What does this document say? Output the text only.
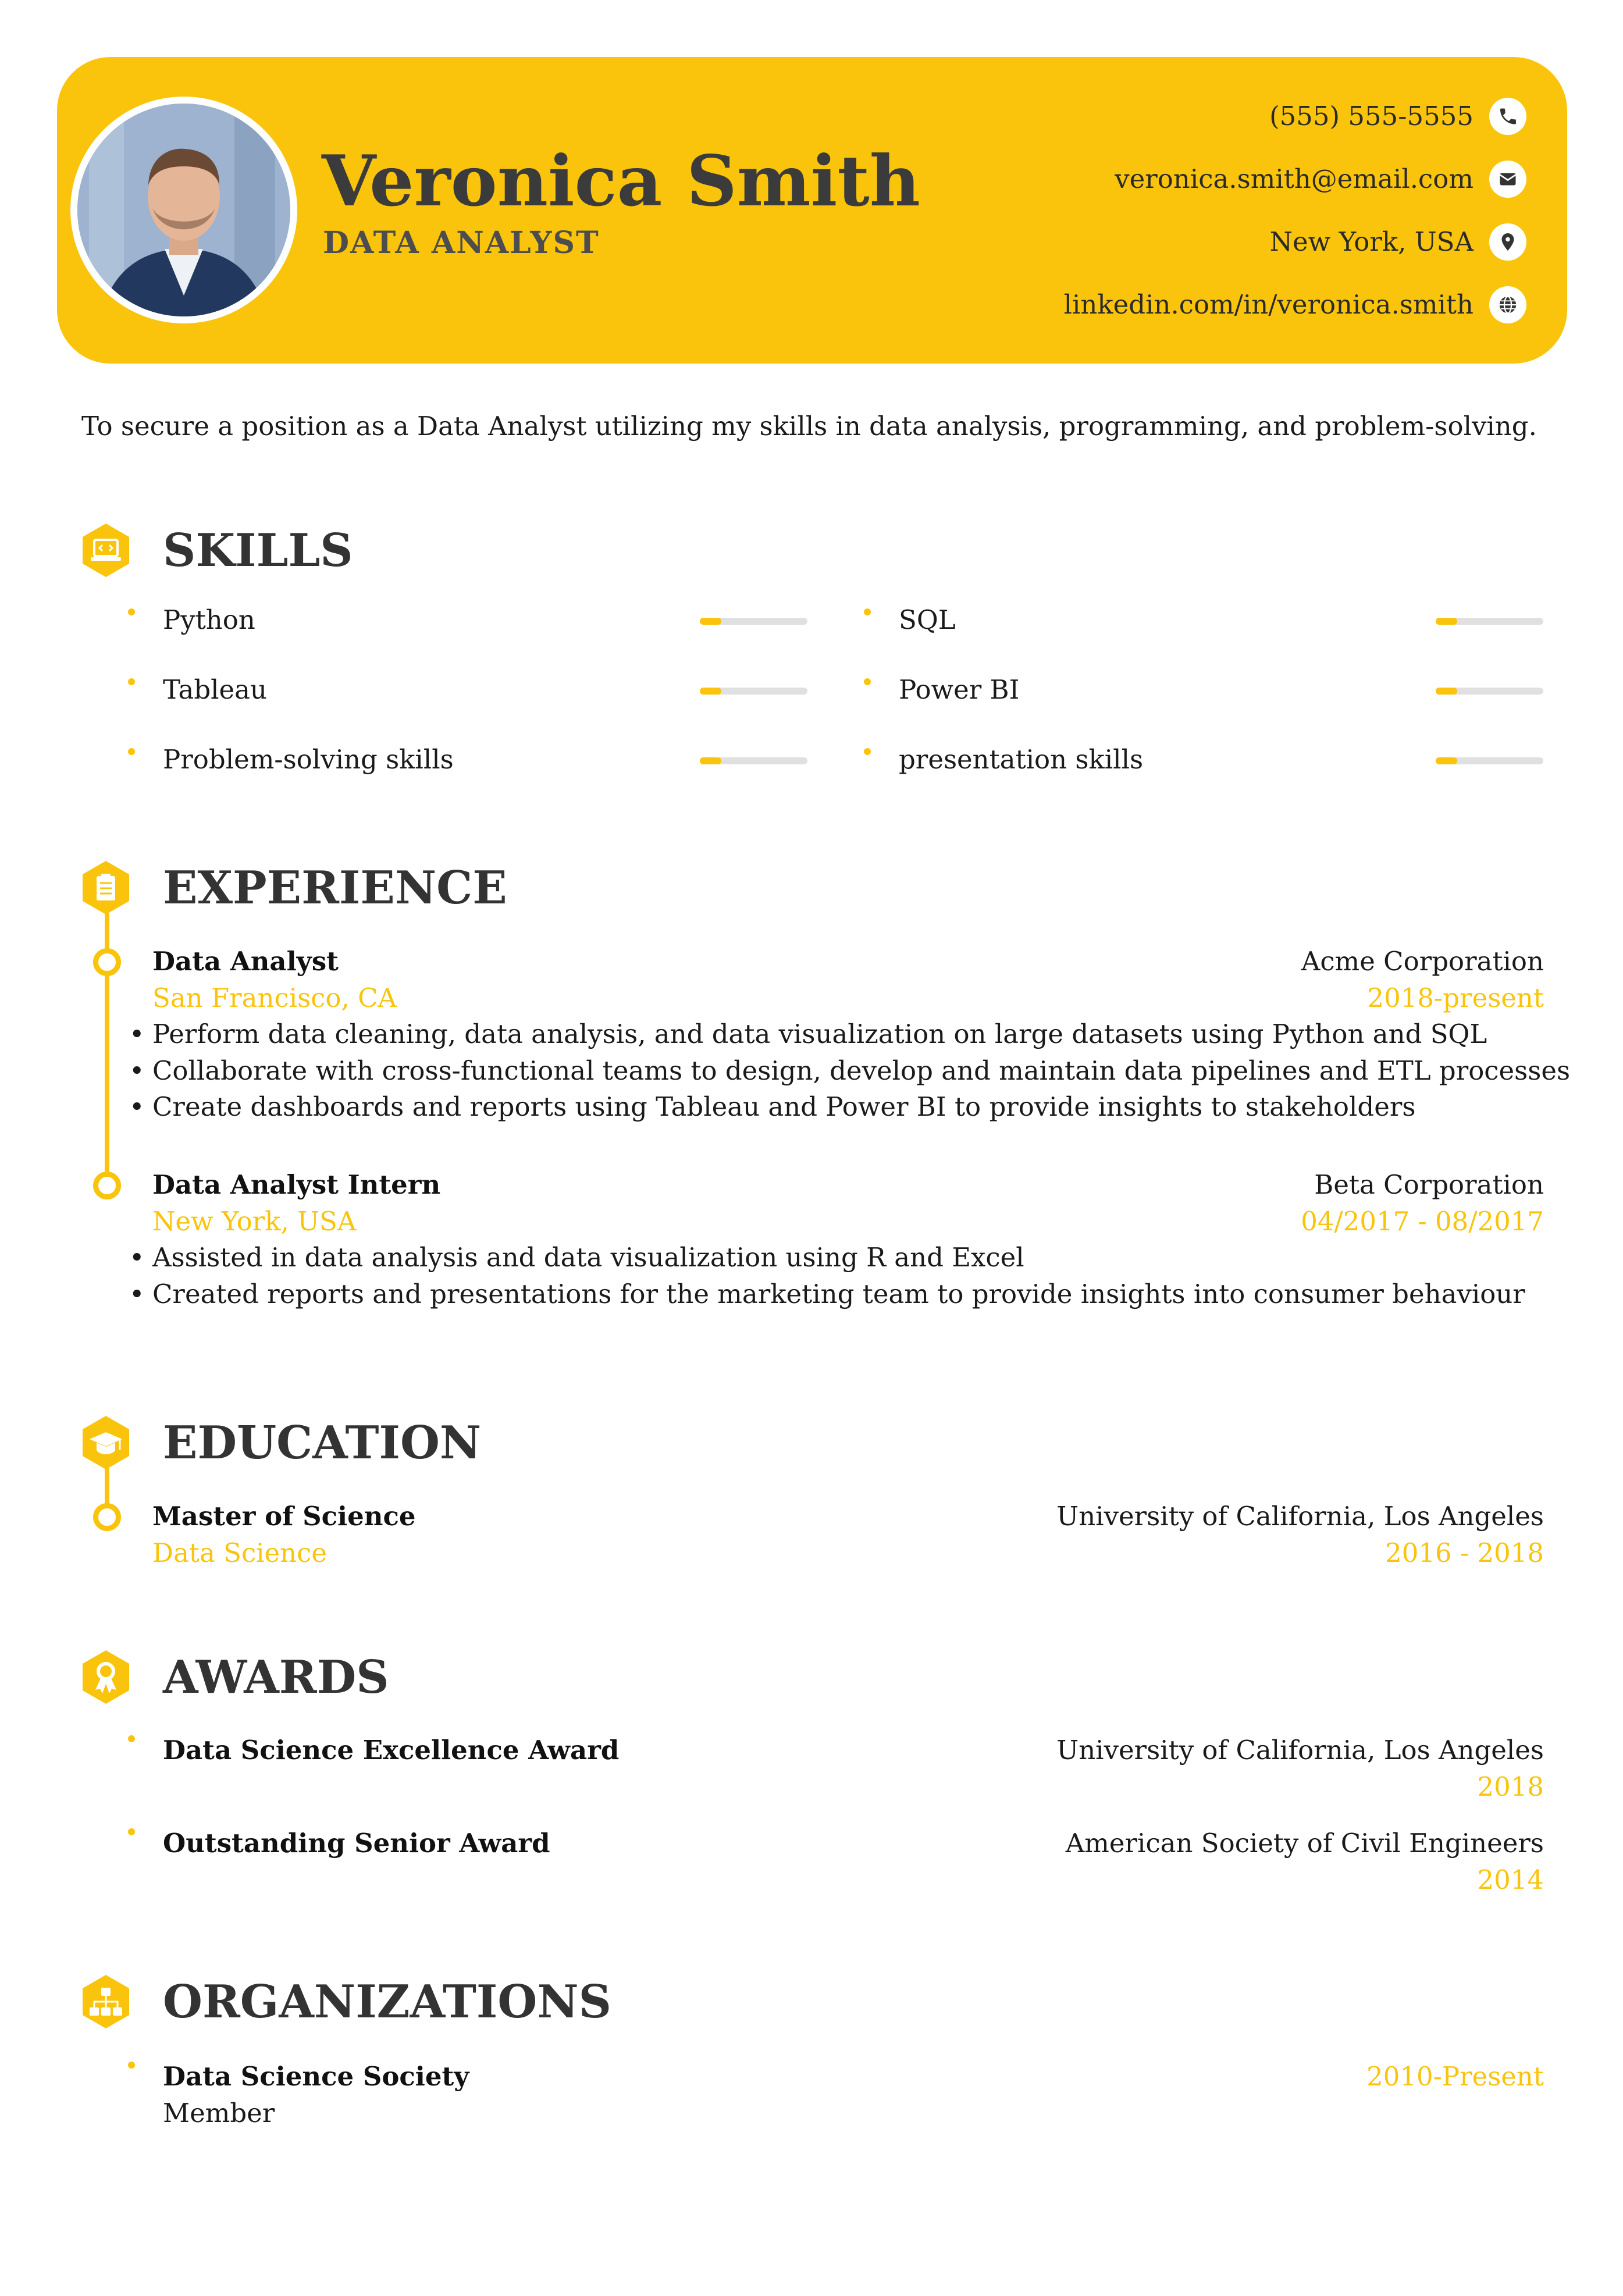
Veronica Smith
DATA ANALYST
(555) 555-5555
veronica.smith@email.com
New York, USA
linkedin.com/in/veronica.smith
To secure a position as a Data Analyst utilizing my skills in data analysis, programming, and problem-solving.
SKILLS
Python	SQL
Tableau	Power BI
Problem-solving skills	presentation skills
EXPERIENCE
Data Analyst	Acme Corporation
San Francisco, CA	2018-present
• Perform data cleaning, data analysis, and data visualization on large datasets using Python and SQL
• Collaborate with cross-functional teams to design, develop and maintain data pipelines and ETL processes
• Create dashboards and reports using Tableau and Power BI to provide insights to stakeholders
Data Analyst Intern	Beta Corporation
New York, USA	04/2017 - 08/2017
• Assisted in data analysis and data visualization using R and Excel
• Created reports and presentations for the marketing team to provide insights into consumer behaviour
EDUCATION
Master of Science	University of California, Los Angeles
Data Science	2016 - 2018
AWARDS
Data Science Excellence Award	University of California, Los Angeles
2018
Outstanding Senior Award	American Society of Civil Engineers
2014
ORGANIZATIONS
Data Science Society	2010-Present
Member
